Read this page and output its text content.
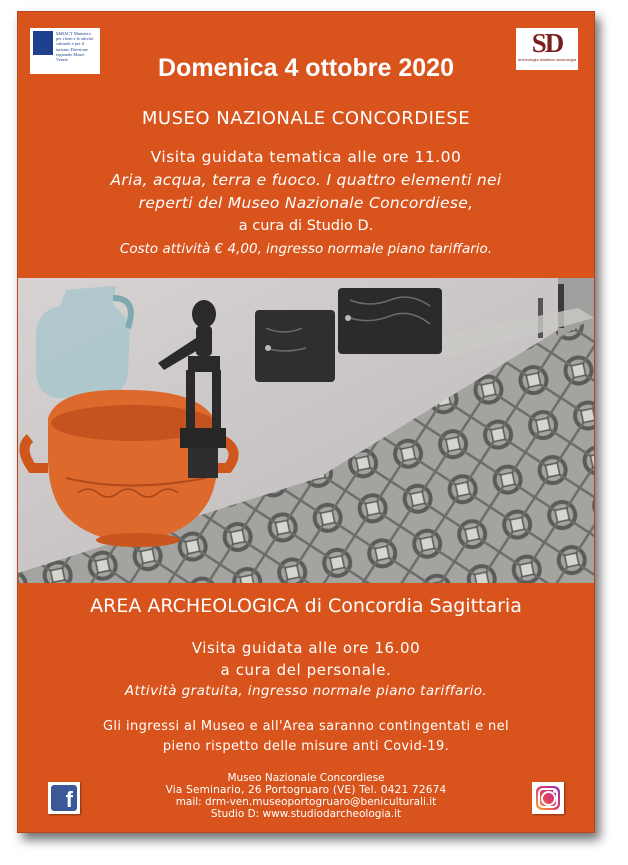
MiBACT Ministero per i beni e le attività culturali e per il turismo Direzione regionale Musei Veneto
SD
archeologia didattica museologia
Domenica 4 ottobre 2020
MUSEO NAZIONALE CONCORDIESE
Visita guidata tematica alle ore 11.00
Aria, acqua, terra e fuoco. I quattro elementi nei
reperti del Museo Nazionale Concordiese,
a cura di Studio D.
Costo attività € 4,00, ingresso normale piano tariffario.
AREA ARCHEOLOGICA di Concordia Sagittaria
Visita guidata alle ore 16.00
a cura del personale.
Attività gratuita, ingresso normale piano tariffario.
Gli ingressi al Museo e all'Area saranno contingentati e nel
pieno rispetto delle misure anti Covid-19.
Museo Nazionale Concordiese
Via Seminario, 26 Portogruaro (VE) Tel. 0421 72674
mail: drm-ven.museoportogruaro@beniculturali.it
Studio D: www.studiodarcheologia.it
f
